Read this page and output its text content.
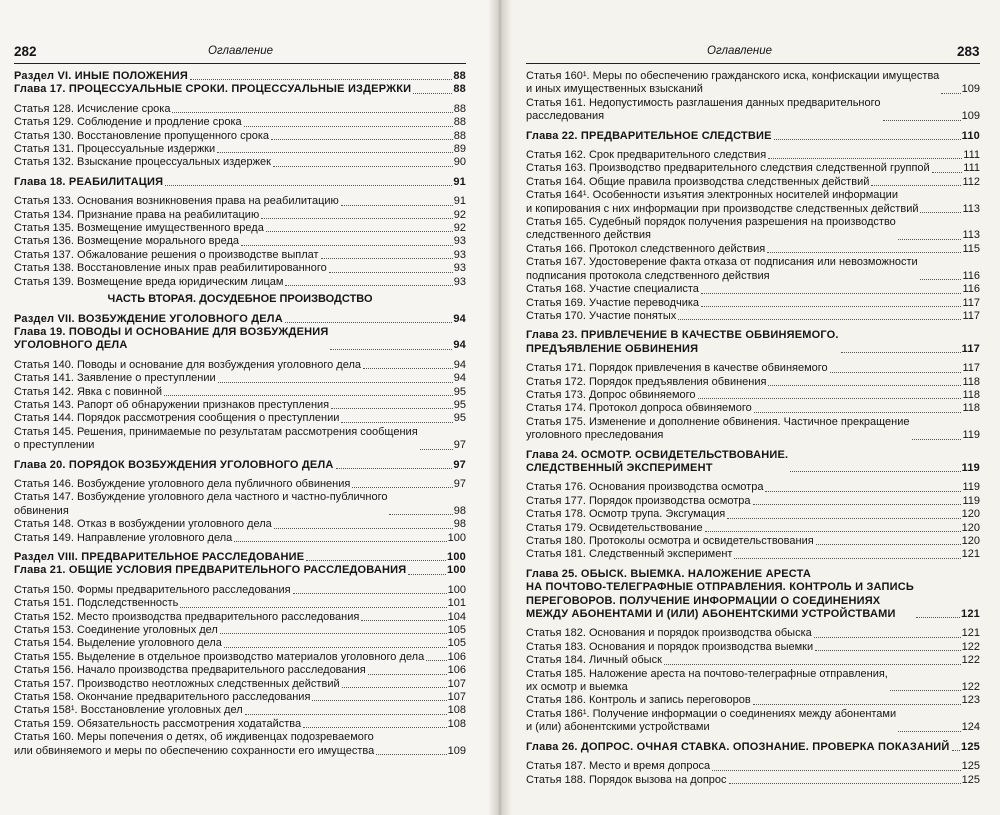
282	Оглавление
Раздел VI. ИНЫЕ ПОЛОЖЕНИЯ	88
Глава 17. ПРОЦЕССУАЛЬНЫЕ СРОКИ. ПРОЦЕССУАЛЬНЫЕ ИЗДЕРЖКИ	88
Статья 128. Исчисление срока	88
Статья 129. Соблюдение и продление срока	88
Статья 130. Восстановление пропущенного срока	88
Статья 131. Процессуальные издержки	89
Статья 132. Взыскание процессуальных издержек	90
Глава 18. РЕАБИЛИТАЦИЯ	91
Статья 133. Основания возникновения права на реабилитацию	91
Статья 134. Признание права на реабилитацию	92
Статья 135. Возмещение имущественного вреда	92
Статья 136. Возмещение морального вреда	93
Статья 137. Обжалование решения о производстве выплат	93
Статья 138. Восстановление иных прав реабилитированного	93
Статья 139. Возмещение вреда юридическим лицам	93
ЧАСТЬ ВТОРАЯ. ДОСУДЕБНОЕ ПРОИЗВОДСТВО
Раздел VII. ВОЗБУЖДЕНИЕ УГОЛОВНОГО ДЕЛА	94
Глава 19. ПОВОДЫ И ОСНОВАНИЕ ДЛЯ ВОЗБУЖДЕНИЯ
УГОЛОВНОГО ДЕЛА	94
Статья 140. Поводы и основание для возбуждения уголовного дела	94
Статья 141. Заявление о преступлении	94
Статья 142. Явка с повинной	95
Статья 143. Рапорт об обнаружении признаков преступления	95
Статья 144. Порядок рассмотрения сообщения о преступлении	95
Статья 145. Решения, принимаемые по результатам рассмотрения сообщения
о преступлении	97
Глава 20. ПОРЯДОК ВОЗБУЖДЕНИЯ УГОЛОВНОГО ДЕЛА	97
Статья 146. Возбуждение уголовного дела публичного обвинения	97
Статья 147. Возбуждение уголовного дела частного и частно-публичного
обвинения	98
Статья 148. Отказ в возбуждении уголовного дела	98
Статья 149. Направление уголовного дела	100
Раздел VIII. ПРЕДВАРИТЕЛЬНОЕ РАССЛЕДОВАНИЕ	100
Глава 21. ОБЩИЕ УСЛОВИЯ ПРЕДВАРИТЕЛЬНОГО РАССЛЕДОВАНИЯ	100
Статья 150. Формы предварительного расследования	100
Статья 151. Подследственность	101
Статья 152. Место производства предварительного расследования	104
Статья 153. Соединение уголовных дел	105
Статья 154. Выделение уголовного дела	105
Статья 155. Выделение в отдельное производство материалов уголовного дела 106
Статья 156. Начало производства предварительного расследования	106
Статья 157. Производство неотложных следственных действий	107
Статья 158. Окончание предварительного расследования	107
Статья 158¹. Восстановление уголовных дел	108
Статья 159. Обязательность рассмотрения ходатайства	108
Статья 160. Меры попечения о детях, об иждивенцах подозреваемого
или обвиняемого и меры по обеспечению сохранности его имущества	109
283
Оглавление
Статья 160¹. Меры по обеспечению гражданского иска, конфискации имущества
и иных имущественных взысканий	109
Статья 161. Недопустимость разглашения данных предварительного
расследования	109
Глава 22. ПРЕДВАРИТЕЛЬНОЕ СЛЕДСТВИЕ	110
Статья 162. Срок предварительного следствия	111
Статья 163. Производство предварительного следствия следственной группой	111
Статья 164. Общие правила производства следственных действий	112
Статья 164¹. Особенности изъятия электронных носителей информации
и копирования с них информации при производстве следственных действий	113
Статья 165. Судебный порядок получения разрешения на производство
следственного действия	113
Статья 166. Протокол следственного действия	115
Статья 167. Удостоверение факта отказа от подписания или невозможности
подписания протокола следственного действия	116
Статья 168. Участие специалиста	116
Статья 169. Участие переводчика	117
Статья 170. Участие понятых	117
Глава 23. ПРИВЛЕЧЕНИЕ В КАЧЕСТВЕ ОБВИНЯЕМОГО.
ПРЕДЪЯВЛЕНИЕ ОБВИНЕНИЯ	117
Статья 171. Порядок привлечения в качестве обвиняемого	117
Статья 172. Порядок предъявления обвинения	118
Статья 173. Допрос обвиняемого	118
Статья 174. Протокол допроса обвиняемого	118
Статья 175. Изменение и дополнение обвинения. Частичное прекращение
уголовного преследования	119
Глава 24. ОСМОТР. ОСВИДЕТЕЛЬСТВОВАНИЕ.
СЛЕДСТВЕННЫЙ ЭКСПЕРИМЕНТ	119
Статья 176. Основания производства осмотра	119
Статья 177. Порядок производства осмотра	119
Статья 178. Осмотр трупа. Эксгумация	120
Статья 179. Освидетельствование	120
Статья 180. Протоколы осмотра и освидетельствования	120
Статья 181. Следственный эксперимент	121
Глава 25. ОБЫСК. ВЫЕМКА. НАЛОЖЕНИЕ АРЕСТА
НА ПОЧТОВО-ТЕЛЕГРАФНЫЕ ОТПРАВЛЕНИЯ. КОНТРОЛЬ И ЗАПИСЬ
ПЕРЕГОВОРОВ. ПОЛУЧЕНИЕ ИНФОРМАЦИИ О СОЕДИНЕНИЯХ
МЕЖДУ АБОНЕНТАМИ И (ИЛИ) АБОНЕНТСКИМИ УСТРОЙСТВАМИ	121
Статья 182. Основания и порядок производства обыска	121
Статья 183. Основания и порядок производства выемки	122
Статья 184. Личный обыск	122
Статья 185. Наложение ареста на почтово-телеграфные отправления,
их осмотр и выемка	122
Статья 186. Контроль и запись переговоров	123
Статья 186¹. Получение информации о соединениях между абонентами
и (или) абонентскими устройствами	124
Глава 26. ДОПРОС. ОЧНАЯ СТАВКА. ОПОЗНАНИЕ. ПРОВЕРКА ПОКАЗАНИЙ 125
Статья 187. Место и время допроса	125
Статья 188. Порядок вызова на допрос	125
